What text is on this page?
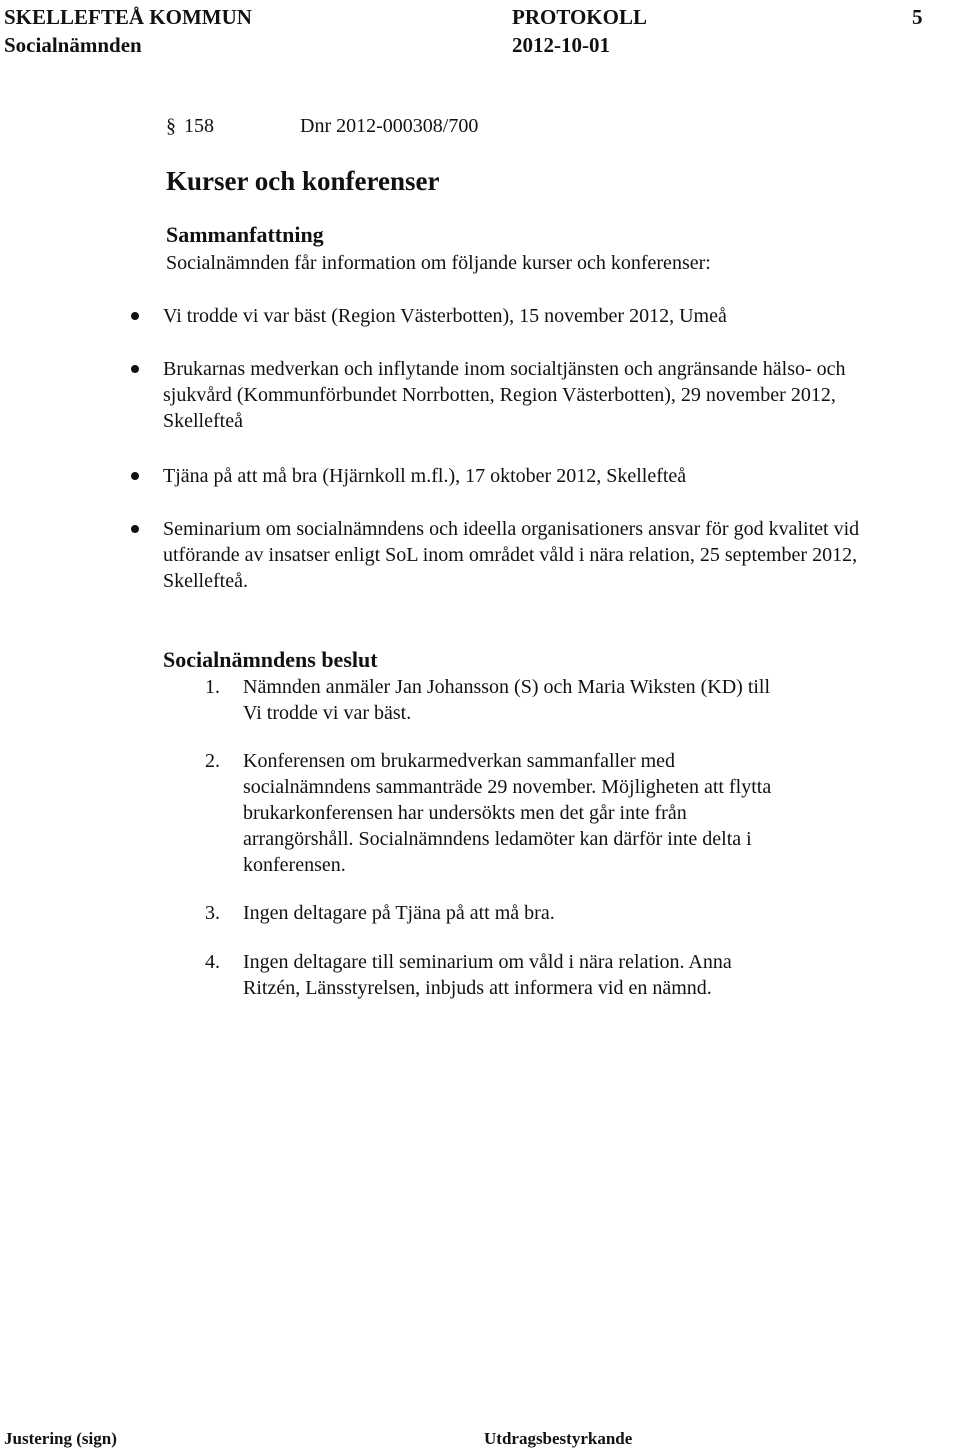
SKELLEFTEÅ KOMMUN	PROTOKOLL	5
Socialnämnden	2012-10-01
§ 158	Dnr 2012-000308/700
Kurser och konferenser
Sammanfattning
Socialnämnden får information om följande kurser och konferenser:
Vi trodde vi var bäst (Region Västerbotten), 15 november 2012, Umeå
Brukarnas medverkan och inflytande inom socialtjänsten och angränsande hälso- och
sjukvård (Kommunförbundet Norrbotten, Region Västerbotten), 29 november 2012,
Skellefteå
Tjäna på att må bra (Hjärnkoll m.fl.), 17 oktober 2012, Skellefteå
Seminarium om socialnämndens och ideella organisationers ansvar för god kvalitet vid
utförande av insatser enligt SoL inom området våld i nära relation, 25 september 2012,
Skellefteå.
Socialnämndens beslut
1. Nämnden anmäler Jan Johansson (S) och Maria Wiksten (KD) till
Vi trodde vi var bäst.
2. Konferensen om brukarmedverkan sammanfaller med
socialnämndens sammanträde 29 november. Möjligheten att flytta
brukarkonferensen har undersökts men det går inte från
arrangörshåll. Socialnämndens ledamöter kan därför inte delta i
konferensen.
3. Ingen deltagare på Tjäna på att må bra.
4. Ingen deltagare till seminarium om våld i nära relation. Anna
Ritzén, Länsstyrelsen, inbjuds att informera vid en nämnd.
Justering (sign)	Utdragsbestyrkande
